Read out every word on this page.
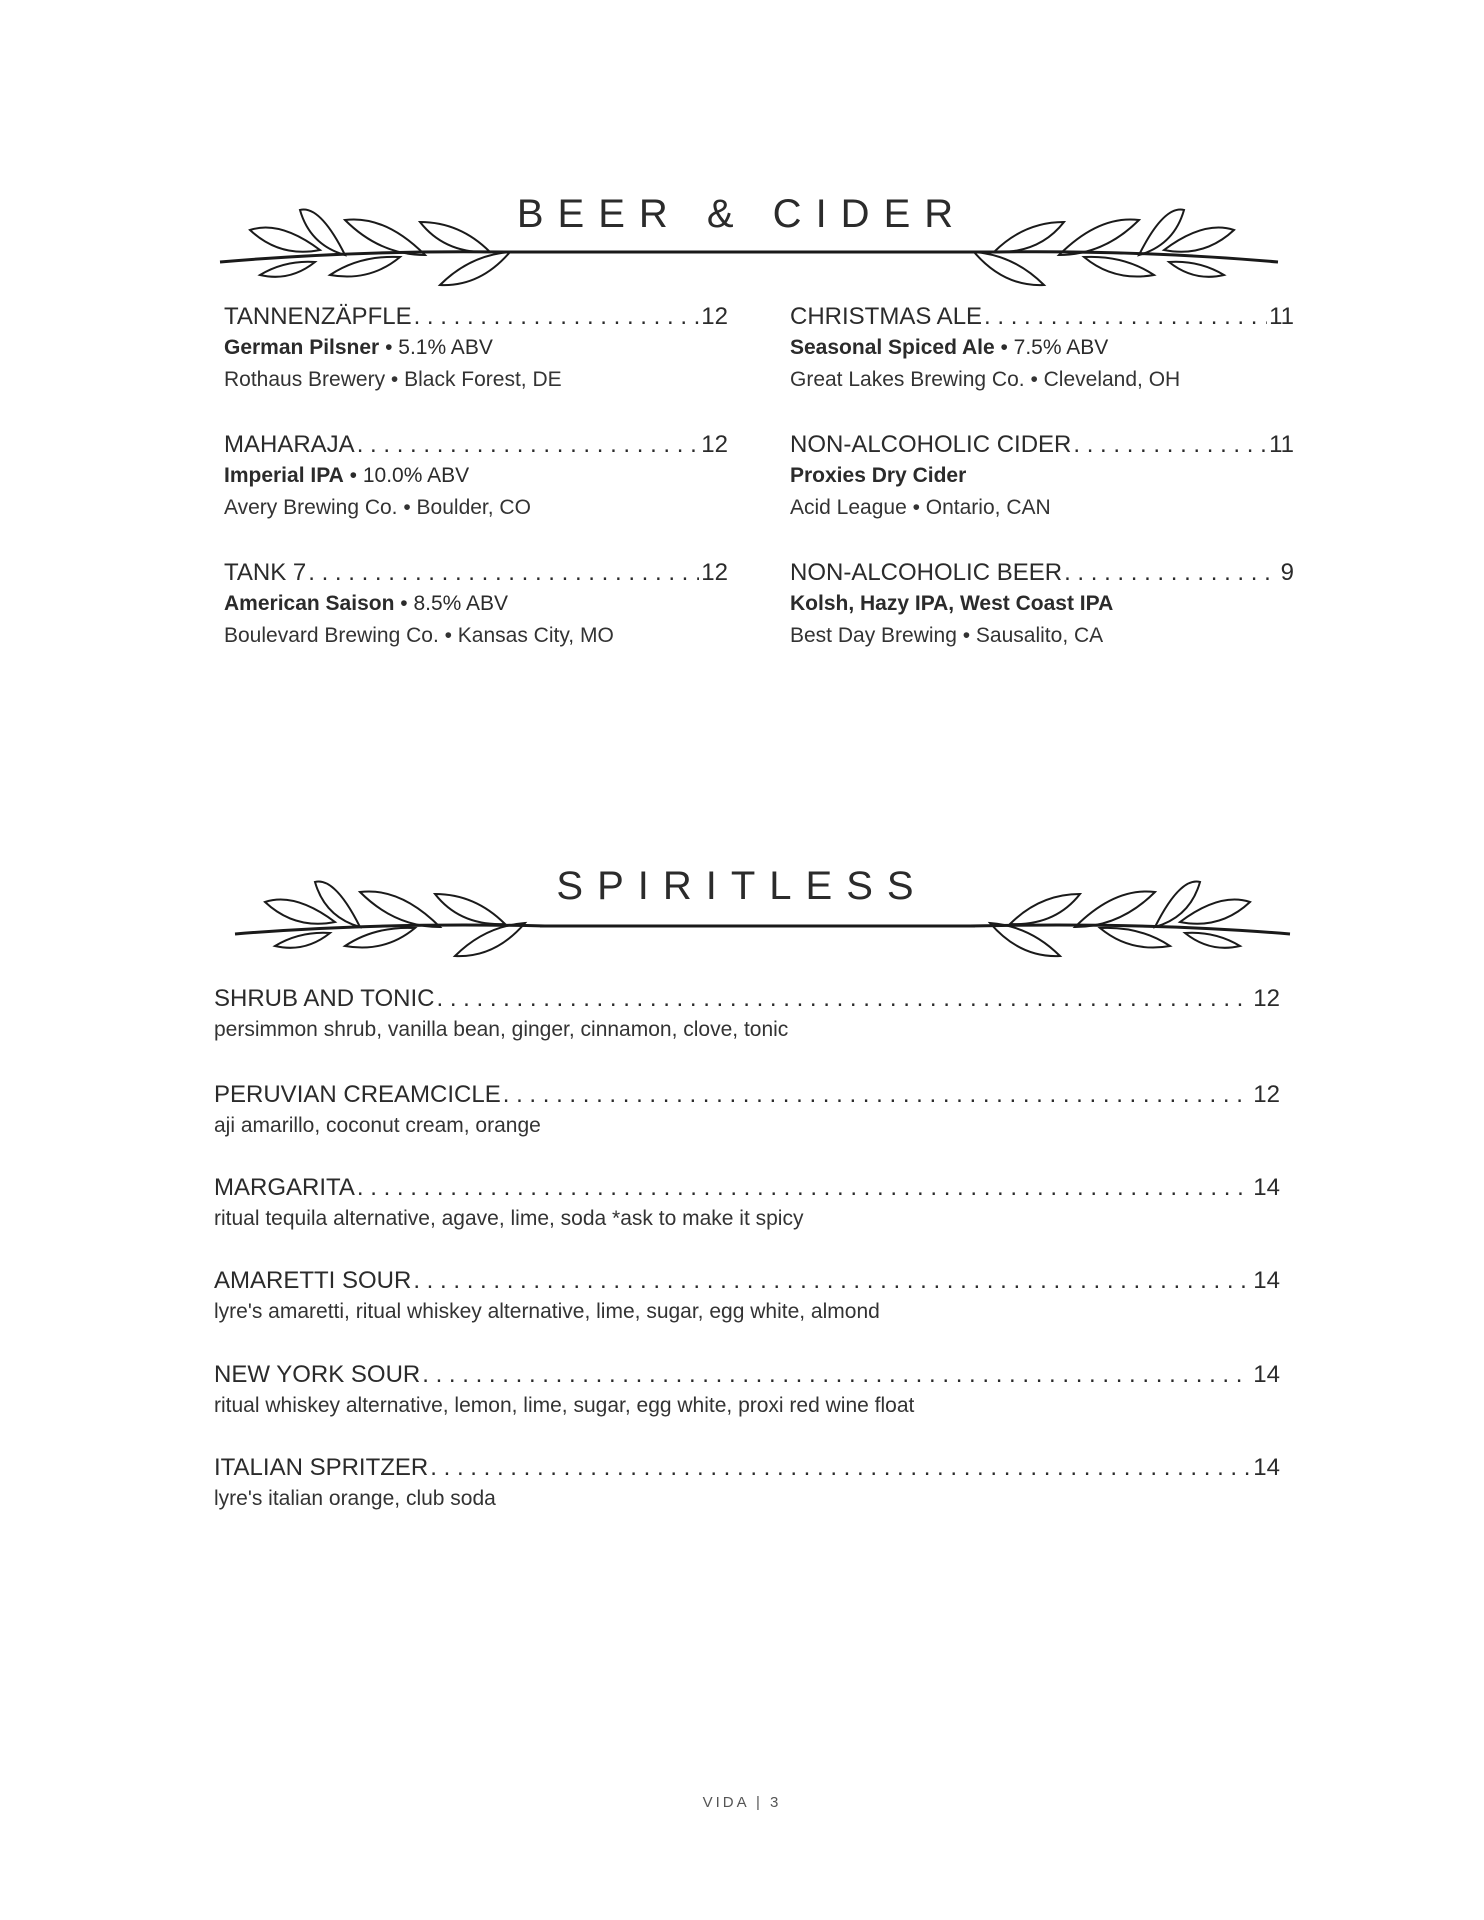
BEER & CIDER
TANNENZÄPFLE . . .	12
German Pilsner • 5.1% ABV
Rothaus Brewery • Black Forest, DE
MAHARAJA . . .	12
Imperial IPA • 10.0% ABV
Avery Brewing Co. • Boulder, CO
TANK 7 . . .	12
American Saison • 8.5% ABV
Boulevard Brewing Co. • Kansas City, MO
CHRISTMAS ALE . . .	11
Seasonal Spiced Ale • 7.5% ABV
Great Lakes Brewing Co. • Cleveland, OH
NON-ALCOHOLIC CIDER . . .	11
Proxies Dry Cider
Acid League • Ontario, CAN
NON-ALCOHOLIC BEER . . .	9
Kolsh, Hazy IPA, West Coast IPA
Best Day Brewing • Sausalito, CA
SPIRITLESS
SHRUB AND TONIC . . .	12
persimmon shrub, vanilla bean, ginger, cinnamon, clove, tonic
PERUVIAN CREAMCICLE . . .	12
aji amarillo, coconut cream, orange
MARGARITA . . .	14
ritual tequila alternative, agave, lime, soda *ask to make it spicy
AMARETTI SOUR . . .	14
lyre's amaretti, ritual whiskey alternative, lime, sugar, egg white, almond
NEW YORK SOUR . . .	14
ritual whiskey alternative, lemon, lime, sugar, egg white, proxi red wine float
ITALIAN SPRITZER . . .	14
lyre's italian orange, club soda
VIDA | 3
